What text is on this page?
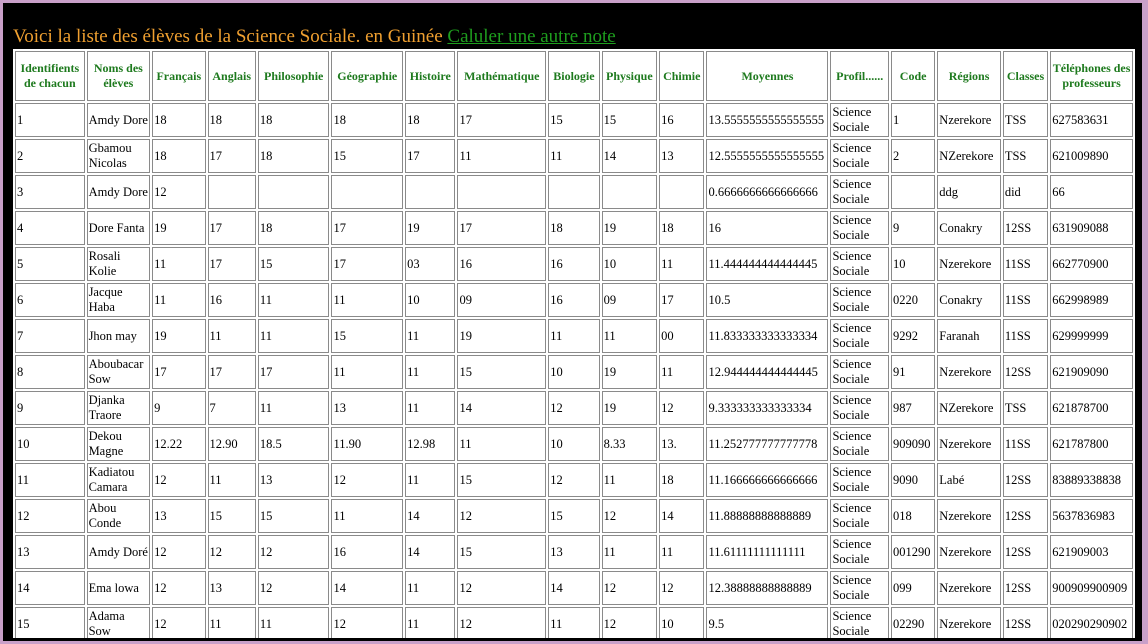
Voici la liste des élèves de la Science Sociale. en Guinée Caluler une autre note
Identifients de chacun	Noms des élèves	Français	Anglais	Philosophie	Géographie	Histoire	Mathématique	Biologie	Physique	Chimie	Moyennes	Profil......	Code	Régions	Classes	Téléphones des professeurs
1	Amdy Dore	18	18	18	18	18	17	15	15	16	13.5555555555555555	Science Sociale	1	Nzerekore	TSS	627583631
2	Gbamou Nicolas	18	17	18	15	17	11	11	14	13	12.5555555555555555	Science Sociale	2	NZerekore	TSS	621009890
3	Amdy Dore	12									0.6666666666666666	Science Sociale		ddg	did	66
4	Dore Fanta	19	17	18	17	19	17	18	19	18	16	Science Sociale	9	Conakry	12SS	631909088
5	Rosali Kolie	11	17	15	17	03	16	16	10	11	11.444444444444445	Science Sociale	10	Nzerekore	11SS	662770900
6	Jacque Haba	11	16	11	11	10	09	16	09	17	10.5	Science Sociale	0220	Conakry	11SS	662998989
7	Jhon may	19	11	11	15	11	19	11	11	00	11.833333333333334	Science Sociale	9292	Faranah	11SS	629999999
8	Aboubacar Sow	17	17	17	11	11	15	10	19	11	12.944444444444445	Science Sociale	91	Nzerekore	12SS	621909090
9	Djanka Traore	9	7	11	13	11	14	12	19	12	9.333333333333334	Science Sociale	987	NZerekore	TSS	621878700
10	Dekou Magne	12.22	12.90	18.5	11.90	12.98	11	10	8.33	13.	11.252777777777778	Science Sociale	909090	Nzerekore	11SS	621787800
11	Kadiatou Camara	12	11	13	12	11	15	12	11	18	11.166666666666666	Science Sociale	9090	Labé	12SS	83889338838
12	Abou Conde	13	15	15	11	14	12	15	12	14	11.88888888888889	Science Sociale	018	Nzerekore	12SS	5637836983
13	Amdy Doré	12	12	12	16	14	15	13	11	11	11.61111111111111	Science Sociale	001290	Nzerekore	12SS	621909003
14	Ema lowa	12	13	12	14	11	12	14	12	12	12.38888888888889	Science Sociale	099	Nzerekore	12SS	900909900909
15	Adama Sow	12	11	11	12	11	12	11	12	10	9.5	Science Sociale	02290	Nzerekore	12SS	020290290902
